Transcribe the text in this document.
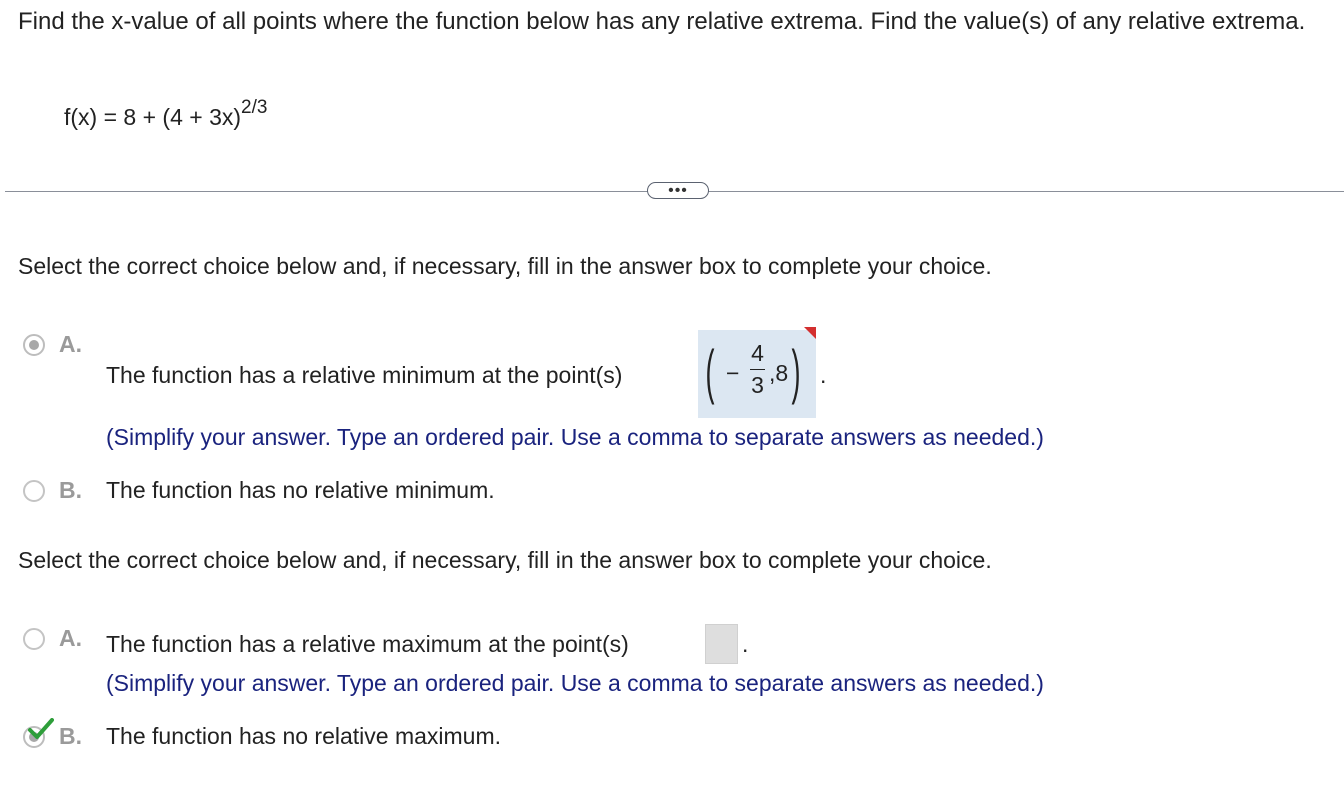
Find the x-value of all points where the function below has any relative extrema. Find the value(s) of any relative extrema.
$f(x) = 8 + (4 + 3x)^{2/3}$
•••
Select the correct choice below and, if necessary, fill in the answer box to complete your choice.
A.
The function has a relative minimum at the point(s) ( −
4
3 ,8 ) .
(Simplify your answer. Type an ordered pair. Use a comma to separate answers as needed.)
B. The function has no relative minimum.
Select the correct choice below and, if necessary, fill in the answer box to complete your choice.
A. The function has a relative maximum at the point(s)	.
(Simplify your answer. Type an ordered pair. Use a comma to separate answers as needed.)
B. The function has no relative maximum.
